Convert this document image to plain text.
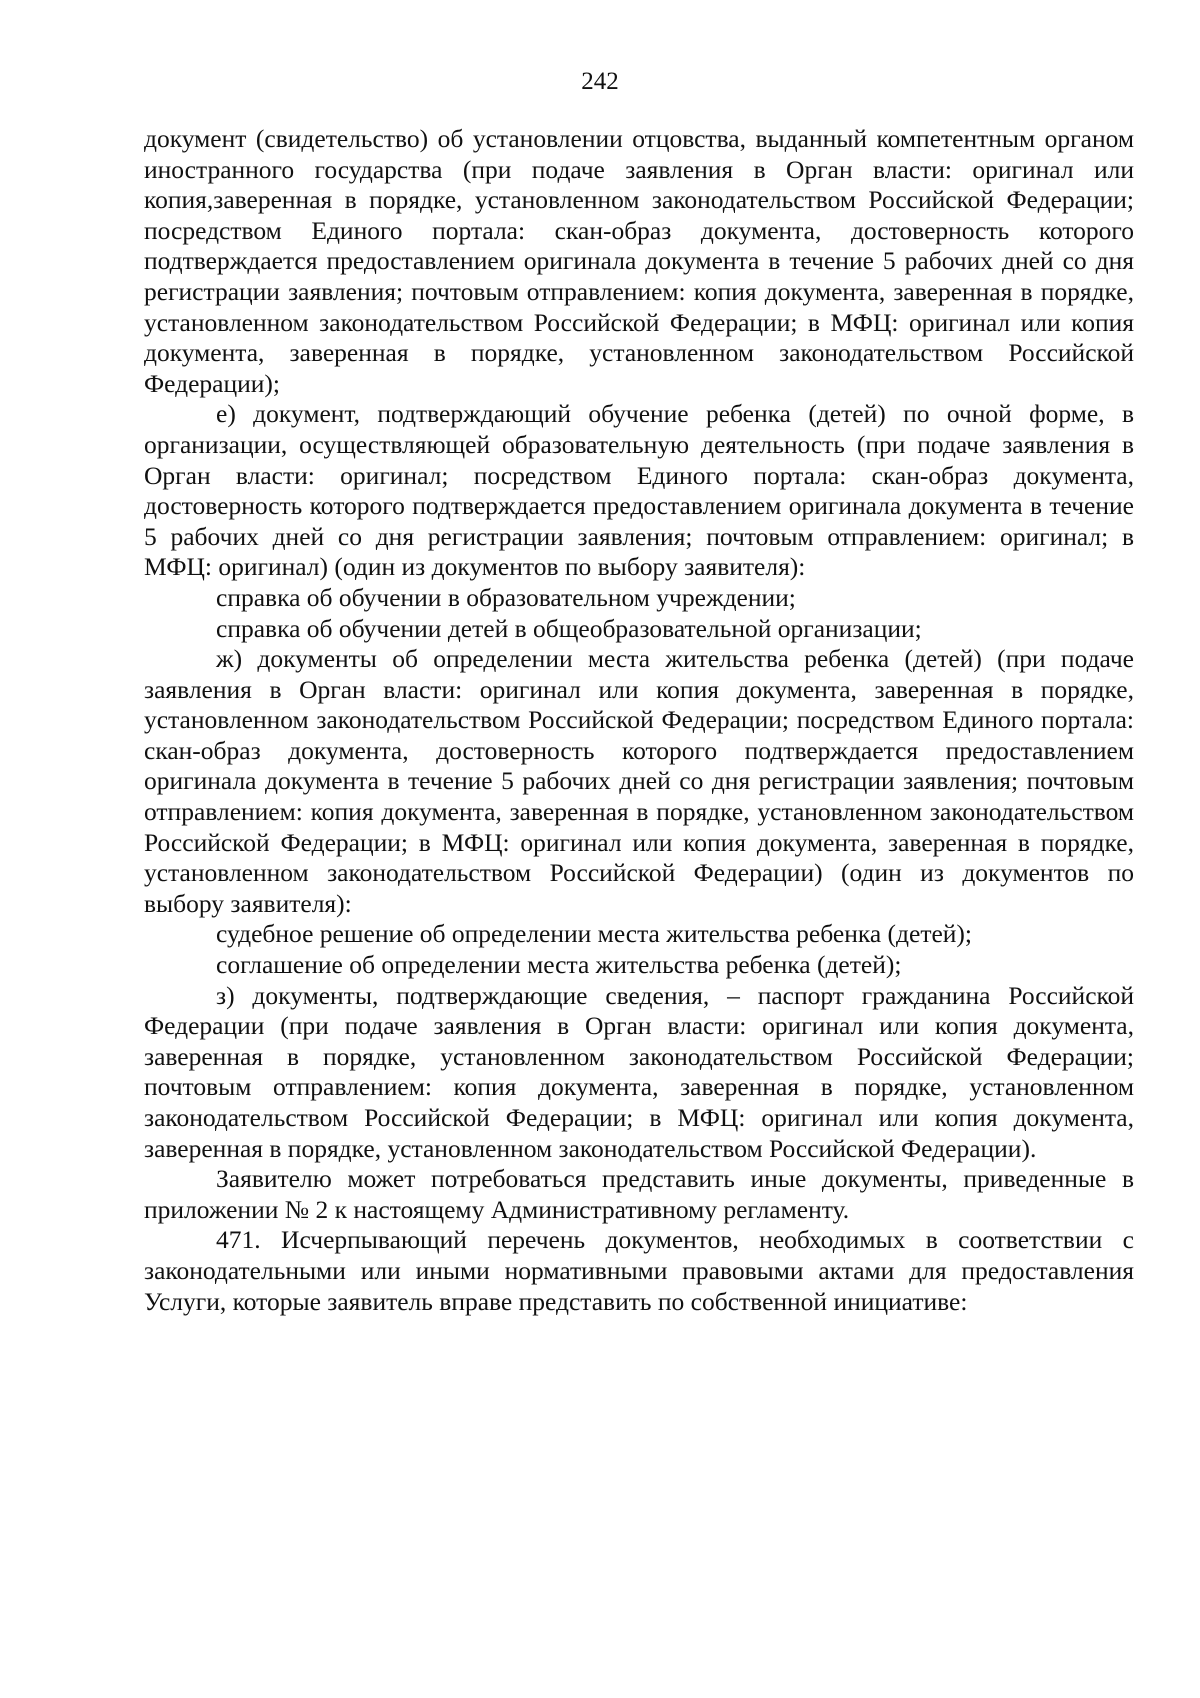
242

документ (свидетельство) об установлении отцовства, выданный компетентным органом иностранного государства (при подаче заявления в Орган власти: оригинал или копия,заверенная в порядке, установленном законодательством Российской Федерации; посредством Единого портала: скан-образ документа, достоверность которого подтверждается предоставлением оригинала документа в течение 5 рабочих дней со дня регистрации заявления; почтовым отправлением: копия документа, заверенная в порядке, установленном законодательством Российской Федерации; в МФЦ: оригинал или копия документа, заверенная в порядке, установленном законодательством Российской Федерации);

е) документ, подтверждающий обучение ребенка (детей) по очной форме, в организации, осуществляющей образовательную деятельность (при подаче заявления в Орган власти: оригинал; посредством Единого портала: скан-образ документа, достоверность которого подтверждается предоставлением оригинала документа в течение 5 рабочих дней со дня регистрации заявления; почтовым отправлением: оригинал; в МФЦ: оригинал) (один из документов по выбору заявителя):

справка об обучении в образовательном учреждении;

справка об обучении детей в общеобразовательной организации;

ж) документы об определении места жительства ребенка (детей) (при подаче заявления в Орган власти: оригинал или копия документа, заверенная в порядке, установленном законодательством Российской Федерации; посредством Единого портала: скан-образ документа, достоверность которого подтверждается предоставлением оригинала документа в течение 5 рабочих дней со дня регистрации заявления; почтовым отправлением: копия документа, заверенная в порядке, установленном законодательством Российской Федерации; в МФЦ: оригинал или копия документа, заверенная в порядке, установленном законодательством Российской Федерации) (один из документов по выбору заявителя):

судебное решение об определении места жительства ребенка (детей);

соглашение об определении места жительства ребенка (детей);

з) документы, подтверждающие сведения, – паспорт гражданина Российской Федерации (при подаче заявления в Орган власти: оригинал или копия документа, заверенная в порядке, установленном законодательством Российской Федерации; почтовым отправлением: копия документа, заверенная в порядке, установленном законодательством Российской Федерации; в МФЦ: оригинал или копия документа, заверенная в порядке, установленном законодательством Российской Федерации).

Заявителю может потребоваться представить иные документы, приведенные в приложении № 2 к настоящему Административному регламенту.

471. Исчерпывающий перечень документов, необходимых в соответствии с законодательными или иными нормативными правовыми актами для предоставления Услуги, которые заявитель вправе представить по собственной инициативе:
